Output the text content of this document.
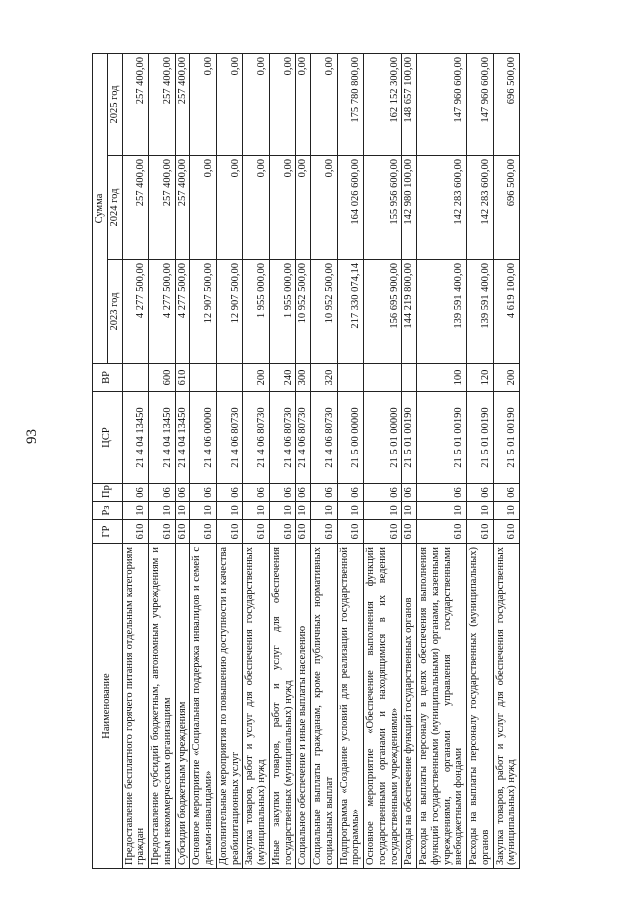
93
Наименование	ГР	Рз	Пр	ЦСР	ВР	Сумма		
						2023 год	2024 год	2025 год
Предоставление бесплатного горячего питания отдельным категориям граждан	610	10	06	21 4 04 13450		4 277 500,00	257 400,00	257 400,00
Предоставление субсидий бюджетным, автономным учреждениям и иным некоммерческим организациям	610	10	06	21 4 04 13450	600	4 277 500,00	257 400,00	257 400,00
Субсидии бюджетным учреждениям	610	10	06	21 4 04 13450	610	4 277 500,00	257 400,00	257 400,00
Основное мероприятие «Социальная поддержка инвалидов и семей с детьми-инвалидами»	610	10	06	21 4 06 00000		12 907 500,00	0,00	0,00
Дополнительные мероприятия по повышению доступности и качества реабилитационных услуг	610	10	06	21 4 06 80730		12 907 500,00	0,00	0,00
Закупка товаров, работ и услуг для обеспечения государственных (муниципальных) нужд	610	10	06	21 4 06 80730	200	1 955 000,00	0,00	0,00
Иные закупки товаров, работ и услуг для обеспечения государственных (муниципальных) нужд	610	10	06	21 4 06 80730	240	1 955 000,00	0,00	0,00
Социальное обеспечение и иные выплаты населению	610	10	06	21 4 06 80730	300	10 952 500,00	0,00	0,00
Социальные выплаты гражданам, кроме публичных нормативных социальных выплат	610	10	06	21 4 06 80730	320	10 952 500,00	0,00	0,00
Подпрограмма «Создание условий для реализации государственной программы»	610	10	06	21 5 00 00000		217 330 074,14	164 026 600,00	175 780 800,00
Основное мероприятие «Обеспечение выполнения функций государственными органами и находящимися в их ведении государственными учреждениями»	610	10	06	21 5 01 00000		156 695 900,00	155 956 600,00	162 152 300,00
Расходы на обеспечение функций государственных органов	610	10	06	21 5 01 00190		144 219 800,00	142 980 100,00	148 657 100,00
Расходы на выплаты персоналу в целях обеспечения выполнения функций государственными (муниципальными) органами, казенными учреждениями, органами управления государственными внебюджетными фондами	610	10	06	21 5 01 00190	100	139 591 400,00	142 283 600,00	147 960 600,00
Расходы на выплаты персоналу государственных (муниципальных) органов	610	10	06	21 5 01 00190	120	139 591 400,00	142 283 600,00	147 960 600,00
Закупка товаров, работ и услуг для обеспечения государственных (муниципальных) нужд	610	10	06	21 5 01 00190	200	4 619 100,00	696 500,00	696 500,00
